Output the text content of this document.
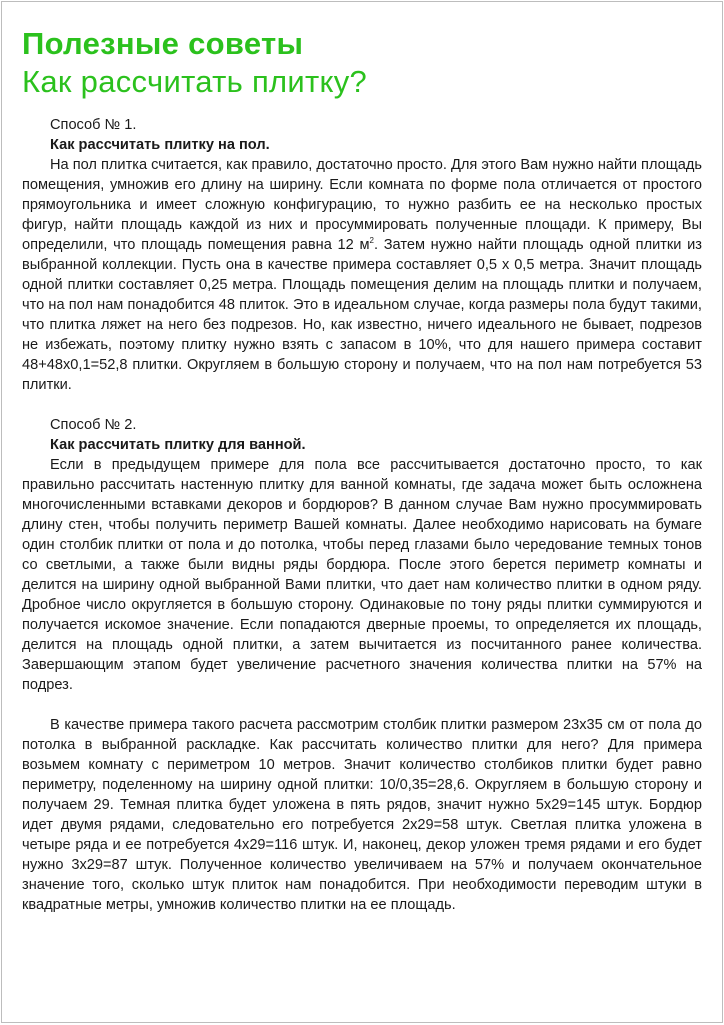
Полезные советы
Как рассчитать плитку?

Способ № 1.

Как рассчитать плитку на пол.

На пол плитка считается, как правило, достаточно просто. Для этого Вам нужно найти площадь помещения, умножив его длину на ширину. Если комната по форме пола отличается от простого прямоугольника и имеет сложную конфигурацию, то нужно разбить ее на несколько простых фигур, найти площадь каждой из них и просуммировать полученные площади. К примеру, Вы определили, что площадь помещения равна 12 $м^2$. Затем нужно найти площадь одной плитки из выбранной коллекции. Пусть она в качестве примера составляет 0,5 х 0,5 метра. Значит площадь одной плитки составляет 0,25 метра. Площадь помещения делим на площадь плитки и получаем, что на пол нам понадобится 48 плиток. Это в идеальном случае, когда размеры пола будут такими, что плитка ляжет на него без подрезов. Но, как известно, ничего идеального не бывает, подрезов не избежать, поэтому плитку нужно взять с запасом в 10%, что для нашего примера составит 48+48х0,1=52,8 плитки. Округляем в большую сторону и получаем, что на пол нам потребуется 53 плитки.

Способ № 2.

Как рассчитать плитку для ванной.

Если в предыдущем примере для пола все рассчитывается достаточно просто, то как правильно рассчитать настенную плитку для ванной комнаты, где задача может быть осложнена многочисленными вставками декоров и бордюров? В данном случае Вам нужно просуммировать длину стен, чтобы получить периметр Вашей комнаты. Далее необходимо нарисовать на бумаге один столбик плитки от пола и до потолка, чтобы перед глазами было чередование темных тонов со светлыми, а также были видны ряды бордюра. После этого берется периметр комнаты и делится на ширину одной выбранной Вами плитки, что дает нам количество плитки в одном ряду. Дробное число округляется в большую сторону. Одинаковые по тону ряды плитки суммируются и получается искомое значение. Если попадаются дверные проемы, то определяется их площадь, делится на площадь одной плитки, а затем вычитается из посчитанного ранее количества. Завершающим этапом будет увеличение расчетного значения количества плитки на 57% на подрез.

В качестве примера такого расчета рассмотрим столбик плитки размером 23х35 см от пола до потолка в выбранной раскладке. Как рассчитать количество плитки для него? Для примера возьмем комнату с периметром 10 метров. Значит количество столбиков плитки будет равно периметру, поделенному на ширину одной плитки: 10/0,35=28,6. Округляем в большую сторону и получаем 29. Темная плитка будет уложена в пять рядов, значит нужно 5х29=145 штук. Бордюр идет двумя рядами, следовательно его потребуется 2х29=58 штук. Светлая плитка уложена в четыре ряда и ее потребуется 4х29=116 штук. И, наконец, декор уложен тремя рядами и его будет нужно 3х29=87 штук. Полученное количество увеличиваем на 57% и получаем окончательное значение того, сколько штук плиток нам понадобится. При необходимости переводим штуки в квадратные метры, умножив количество плитки на ее площадь.
